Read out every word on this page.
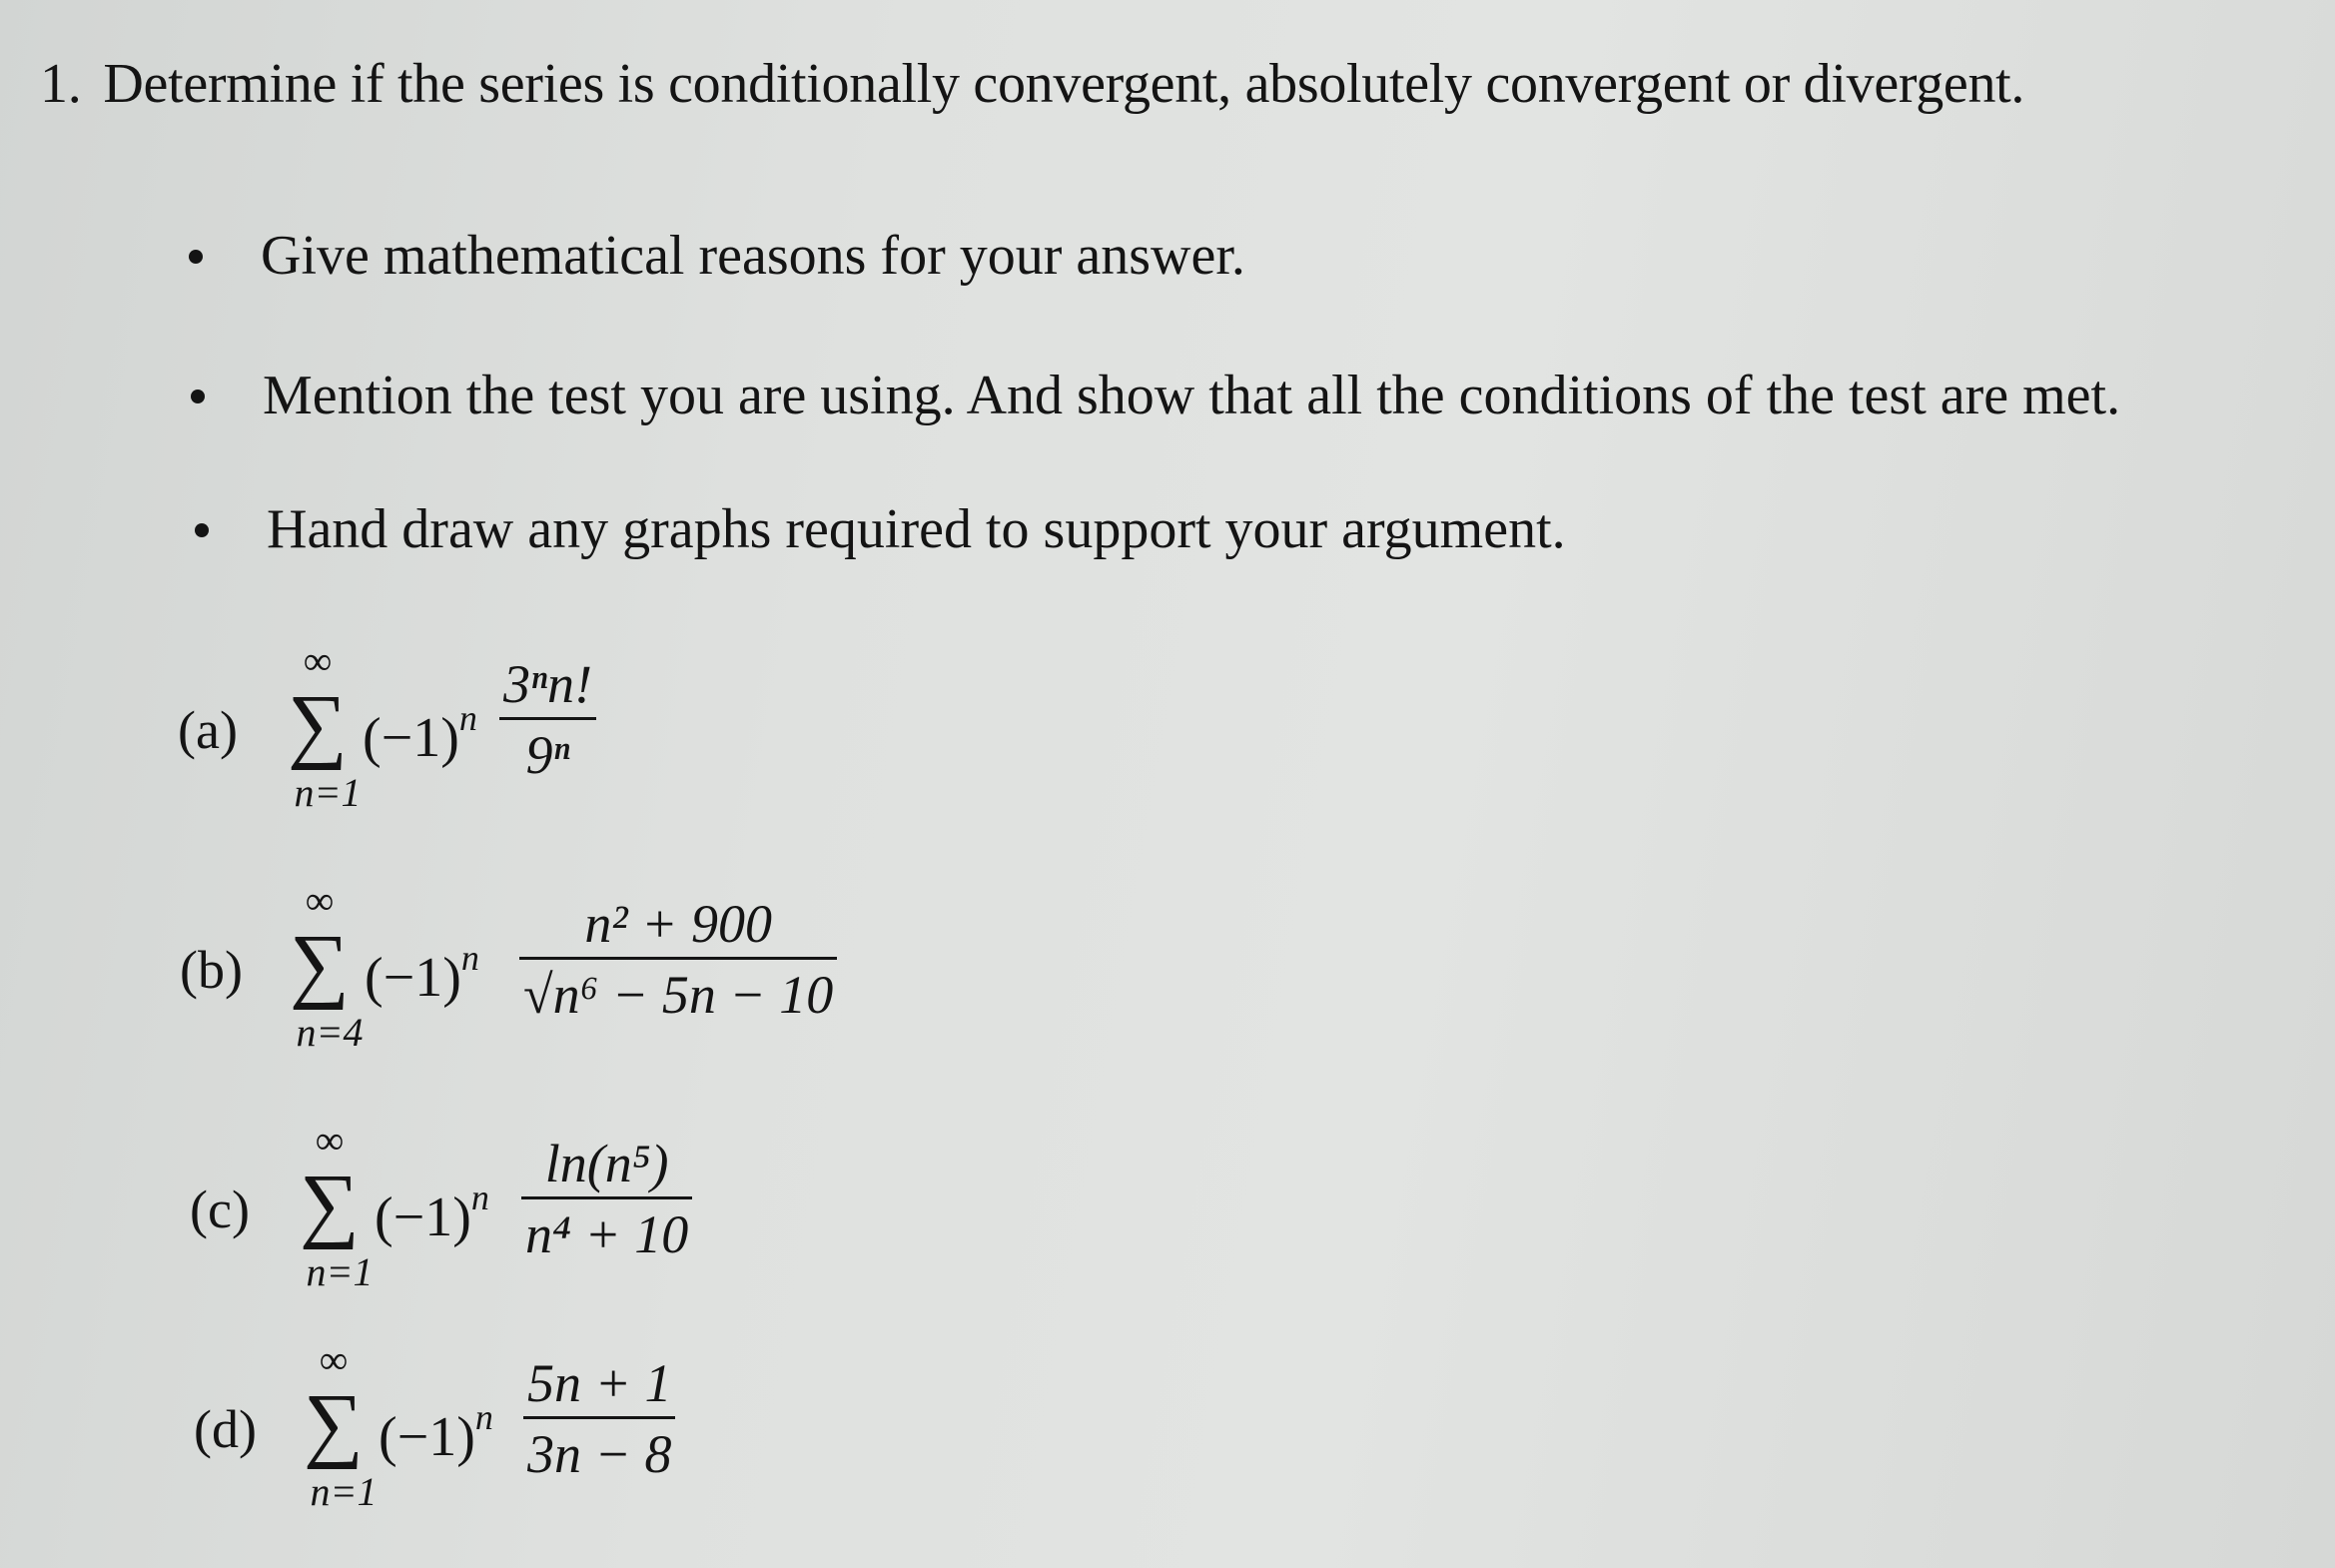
1. Determine if the series is conditionally convergent, absolutely convergent or divergent.
Give mathematical reasons for your answer.
Mention the test you are using. And show that all the conditions of the test are met.
Hand draw any graphs required to support your argument.
(a)
∞
∑
n=1
$(-1)^n$
3ⁿn!
9ⁿ
(b)
∞
∑
n=4
$(-1)^n$
n² + 900
√n⁶ − 5n − 10
(c)
∞
∑
n=1
$(-1)^n$
ln(n⁵)
n⁴ + 10
(d)
∞
∑
n=1
$(-1)^n$
5n + 1
3n − 8
